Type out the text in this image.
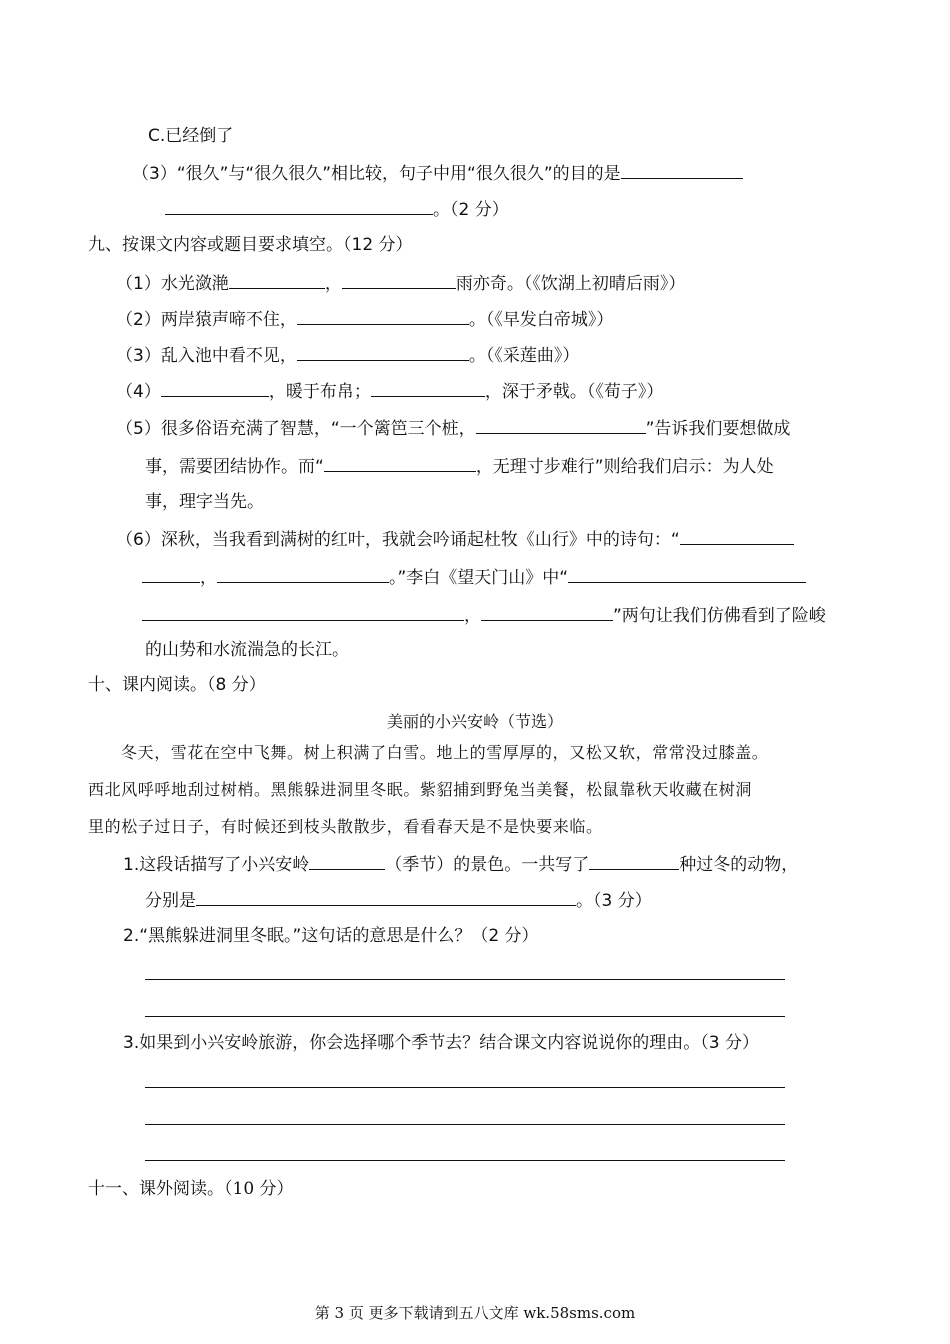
C.已经倒了
（3）“很久”与“很久很久”相比较，句子中用“很久很久”的目的是
。（2 分）
九、按课文内容或题目要求填空。（12 分）
（1）水光潋滟	，	雨亦奇。（《饮湖上初晴后雨》）
（2）两岸猿声啼不住，	。（《早发白帝城》）
（3）乱入池中看不见，	。（《采莲曲》）
（4）	，暖于布帛；	，深于矛戟。（《荀子》）
（5）很多俗语充满了智慧，“一个篱笆三个桩，	”告诉我们要想做成
事，需要团结协作。而“	，无理寸步难行”则给我们启示：为人处
事，理字当先。
（6）深秋，当我看到满树的红叶，我就会吟诵起杜牧《山行》中的诗句：“
，	。”李白《望天门山》中“
，	”两句让我们仿佛看到了险峻
的山势和水流湍急的长江。
十、课内阅读。（8 分）
美丽的小兴安岭（节选）
冬天，雪花在空中飞舞。树上积满了白雪。地上的雪厚厚的，又松又软，常常没过膝盖。
西北风呼呼地刮过树梢。黑熊躲进洞里冬眠。紫貂捕到野兔当美餐，松鼠靠秋天收藏在树洞
里的松子过日子，有时候还到枝头散散步，看看春天是不是快要来临。
1.这段话描写了小兴安岭	（季节）的景色。一共写了	种过冬的动物，
分别是	。（3 分）
2.“黑熊躲进洞里冬眠。”这句话的意思是什么？（2 分）
3.如果到小兴安岭旅游，你会选择哪个季节去？结合课文内容说说你的理由。（3 分）
十一、课外阅读。（10 分）
第 3 页 更多下载请到五八文库 wk.58sms.com
